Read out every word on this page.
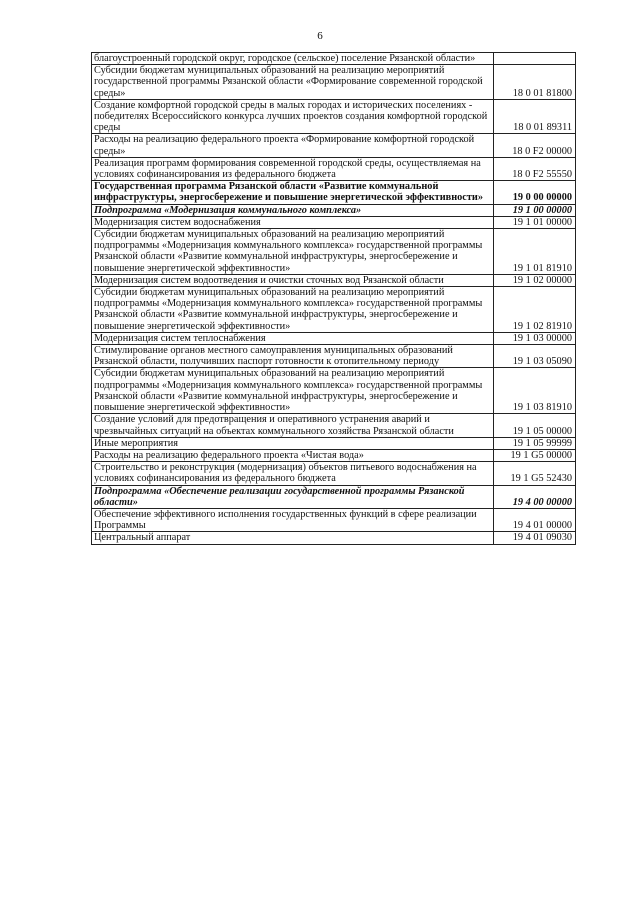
6
благоустроенный городской округ, городское (сельское) поселение Рязанской области»	
Субсидии бюджетам муниципальных образований на реализацию мероприятий государственной программы Рязанской области «Формирование современной городской среды»	18 0 01 81800
Создание комфортной городской среды в малых городах и исторических поселениях - победителях Всероссийского конкурса лучших проектов создания комфортной городской среды	18 0 01 89311
Расходы на реализацию федерального проекта «Формирование комфортной городской среды»	18 0 F2 00000
Реализация программ формирования современной городской среды, осуществляемая на условиях софинансирования из федерального бюджета	18 0 F2 55550
Государственная программа Рязанской области «Развитие коммунальной инфраструктуры, энергосбережение и повышение энергетической эффективности»	19 0 00 00000
Подпрограмма «Модернизация коммунального комплекса»	19 1 00 00000
Модернизация систем водоснабжения	19 1 01 00000
Субсидии бюджетам муниципальных образований на реализацию мероприятий подпрограммы «Модернизация коммунального комплекса» государственной программы Рязанской области «Развитие коммунальной инфраструктуры, энергосбережение и повышение энергетической эффективности»	19 1 01 81910
Модернизация систем водоотведения и очистки сточных вод Рязанской области	19 1 02 00000
Субсидии бюджетам муниципальных образований на реализацию мероприятий подпрограммы «Модернизация коммунального комплекса» государственной программы Рязанской области «Развитие коммунальной инфраструктуры, энергосбережение и повышение энергетической эффективности»	19 1 02 81910
Модернизация систем теплоснабжения	19 1 03 00000
Стимулирование органов местного самоуправления муниципальных образований Рязанской области, получивших паспорт готовности к отопительному периоду	19 1 03 05090
Субсидии бюджетам муниципальных образований на реализацию мероприятий подпрограммы «Модернизация коммунального комплекса» государственной программы Рязанской области «Развитие коммунальной инфраструктуры, энергосбережение и повышение энергетической эффективности»	19 1 03 81910
Создание условий для предотвращения и оперативного устранения аварий и чрезвычайных ситуаций на объектах коммунального хозяйства Рязанской области	19 1 05 00000
Иные мероприятия	19 1 05 99999
Расходы на реализацию федерального проекта «Чистая вода»	19 1 G5 00000
Строительство и реконструкция (модернизация) объектов питьевого водоснабжения на условиях софинансирования из федерального бюджета	19 1 G5 52430
Подпрограмма «Обеспечение реализации государственной программы Рязанской области»	19 4 00 00000
Обеспечение эффективного исполнения государственных функций в сфере реализации Программы	19 4 01 00000
Центральный аппарат	19 4 01 09030
